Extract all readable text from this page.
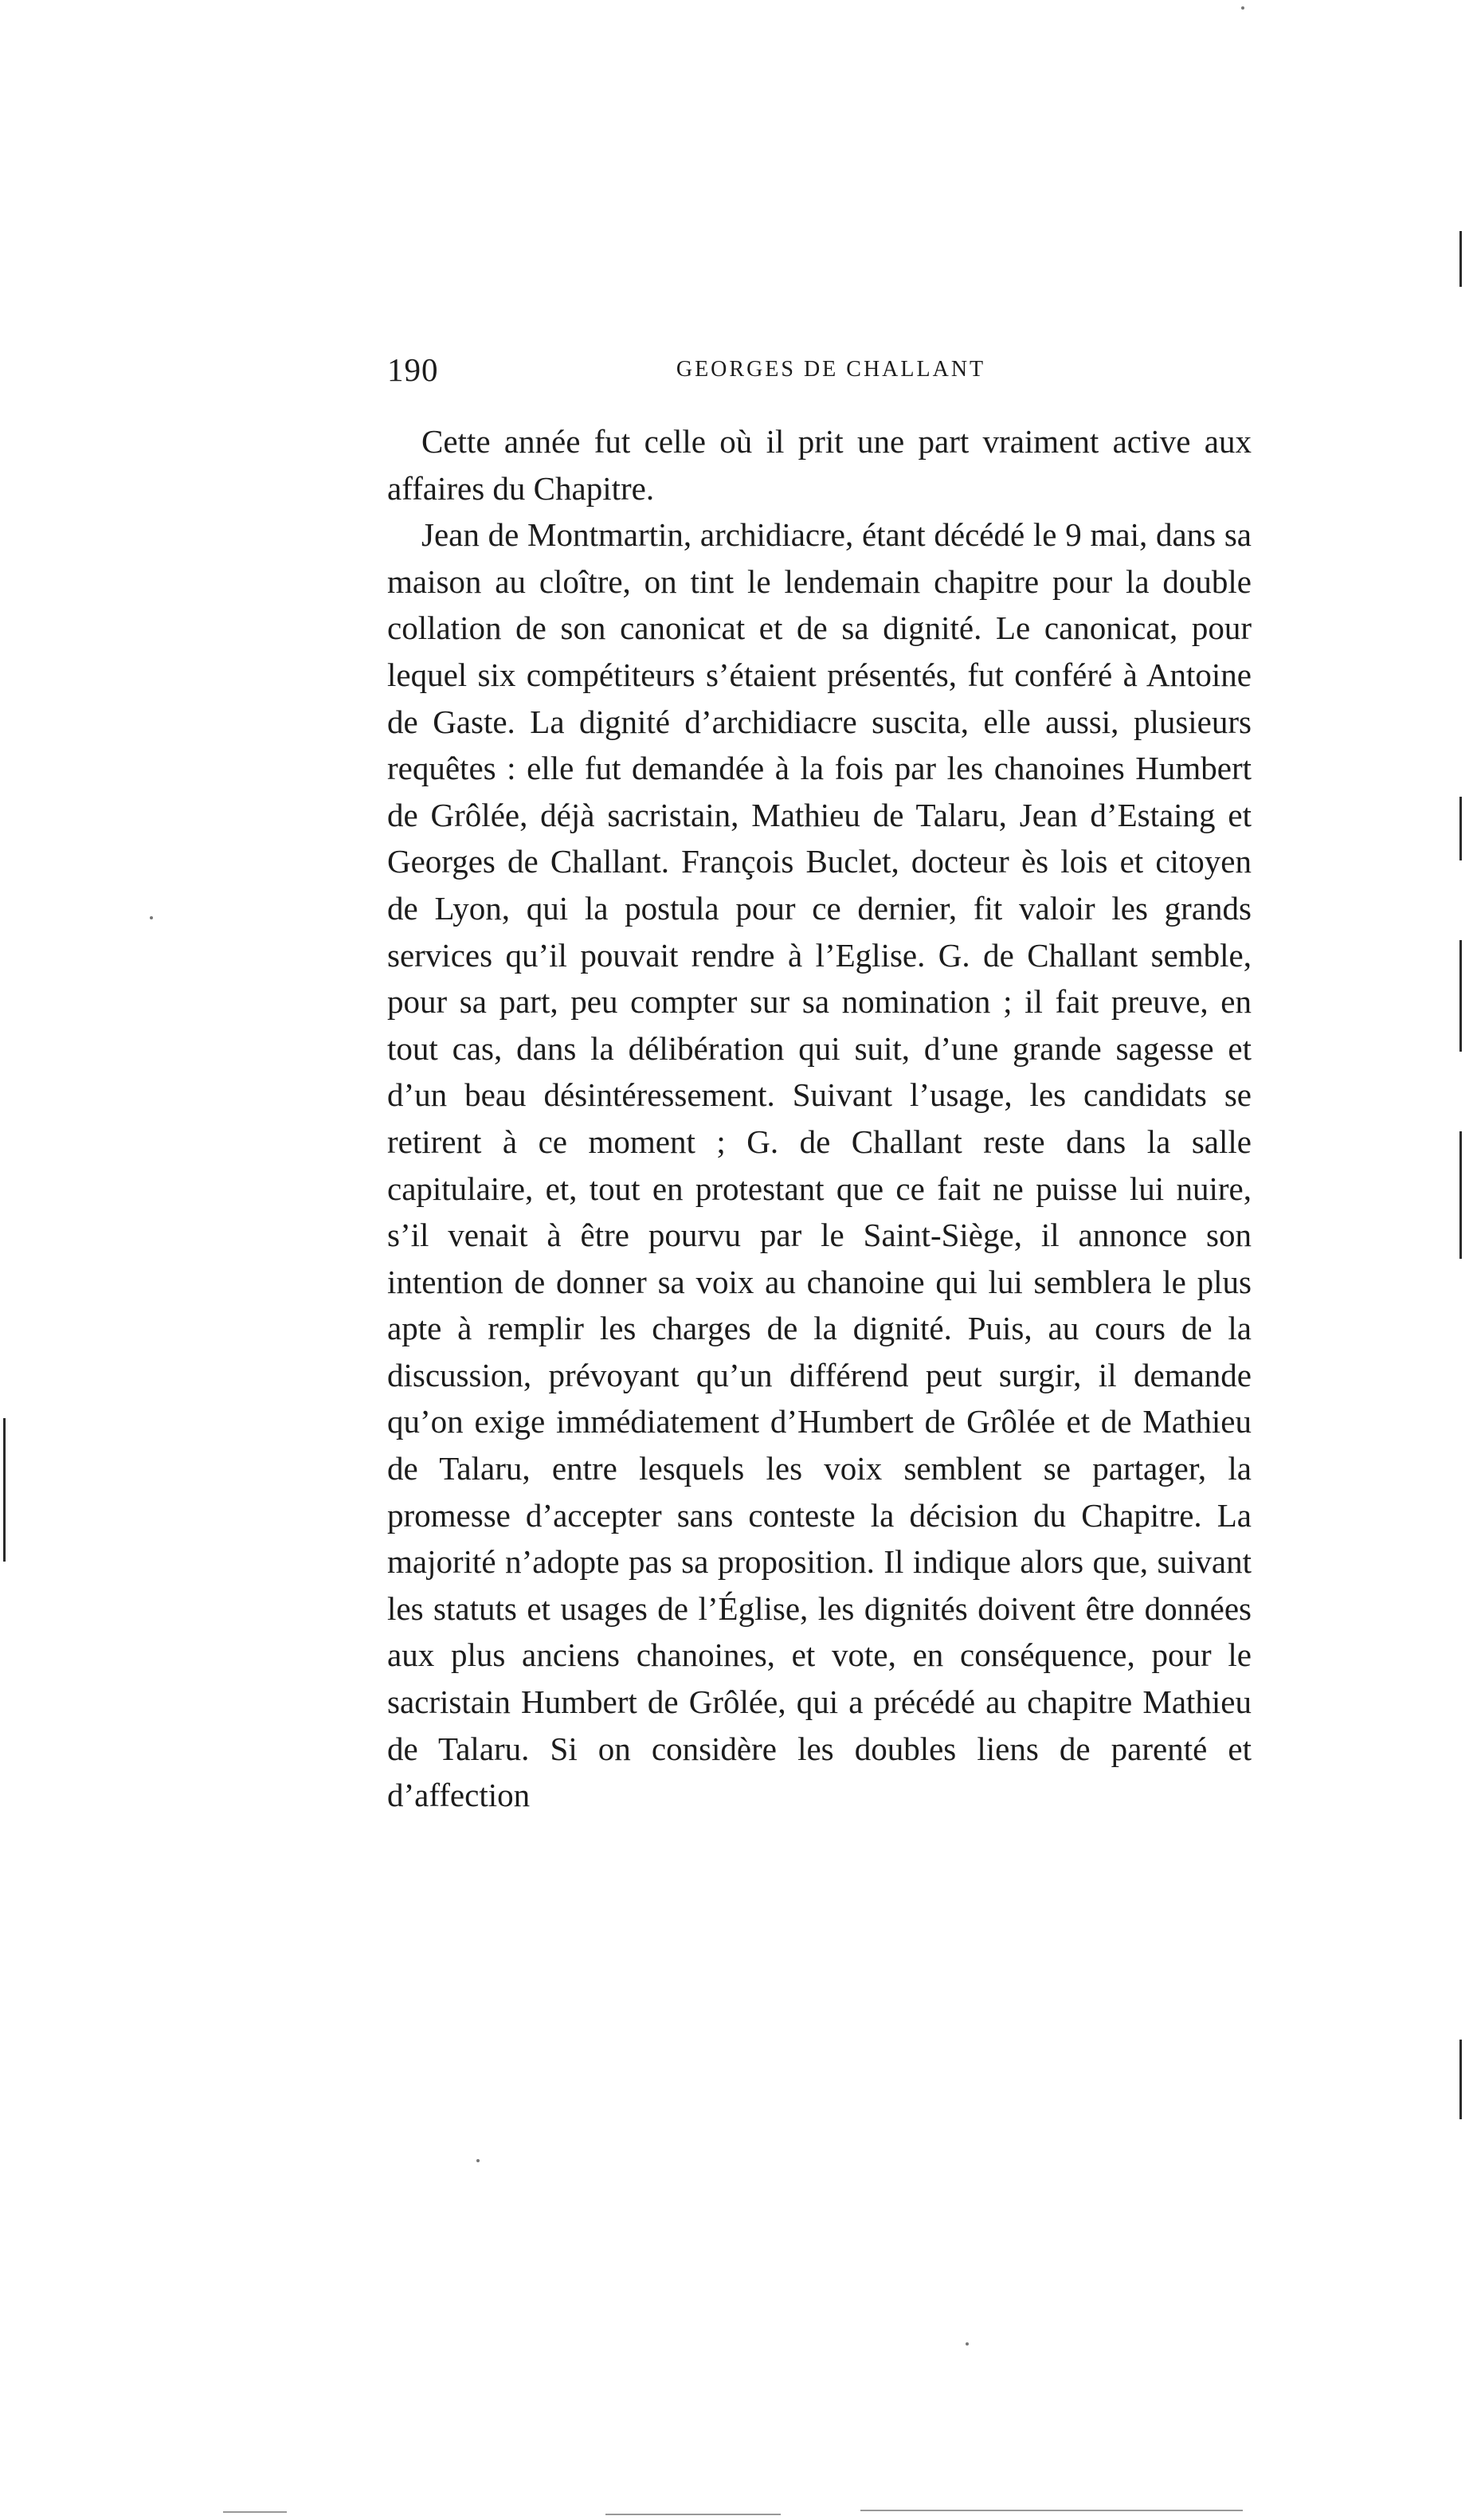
190	GEORGES DE CHALLANT

Cette année fut celle où il prit une part vraiment active aux affaires du Chapitre.

Jean de Montmartin, archidiacre, étant décédé le 9 mai, dans sa maison au cloître, on tint le lendemain chapitre pour la double collation de son canonicat et de sa dignité. Le canonicat, pour lequel six compétiteurs s’étaient présentés, fut conféré à Antoine de Gaste. La dignité d’archidiacre suscita, elle aussi, plusieurs requêtes : elle fut demandée à la fois par les chanoines Humbert de Grôlée, déjà sacristain, Mathieu de Talaru, Jean d’Estaing et Georges de Challant. François Buclet, docteur ès lois et citoyen de Lyon, qui la postula pour ce dernier, fit valoir les grands services qu’il pouvait rendre à l’Eglise. G. de Challant semble, pour sa part, peu compter sur sa nomination ; il fait preuve, en tout cas, dans la délibération qui suit, d’une grande sagesse et d’un beau désintéressement. Suivant l’usage, les candidats se retirent à ce moment ; G. de Challant reste dans la salle capitulaire, et, tout en protestant que ce fait ne puisse lui nuire, s’il venait à être pourvu par le Saint-Siège, il annonce son intention de donner sa voix au chanoine qui lui semblera le plus apte à remplir les charges de la dignité. Puis, au cours de la discussion, prévoyant qu’un différend peut surgir, il demande qu’on exige immédiatement d’Humbert de Grôlée et de Mathieu de Talaru, entre lesquels les voix semblent se partager, la promesse d’accepter sans conteste la décision du Chapitre. La majorité n’adopte pas sa proposition. Il indique alors que, suivant les statuts et usages de l’Église, les dignités doivent être données aux plus anciens chanoines, et vote, en conséquence, pour le sacristain Humbert de Grôlée, qui a précédé au chapitre Mathieu de Talaru. Si on considère les doubles liens de parenté et d’affection
